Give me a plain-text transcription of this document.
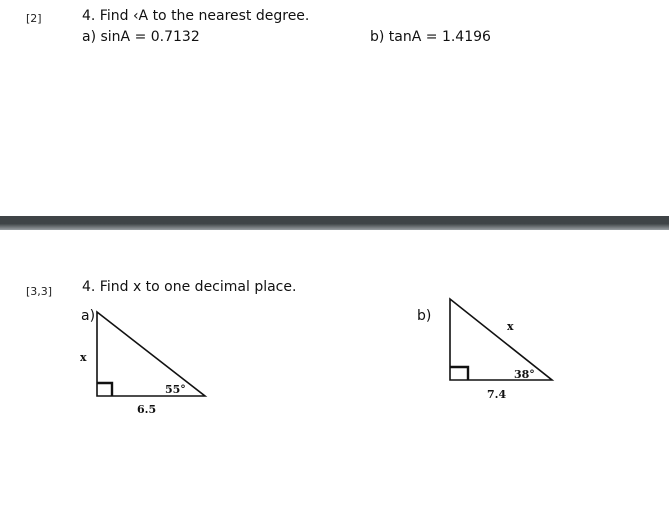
[2]	4. Find ‹A to the nearest degree.
a) sinA = 0.7132	b) tanA = 1.4196
[3,3] 4. Find x to one decimal place.
a)	b)
x
55°
6.5
x
38°
7.4
